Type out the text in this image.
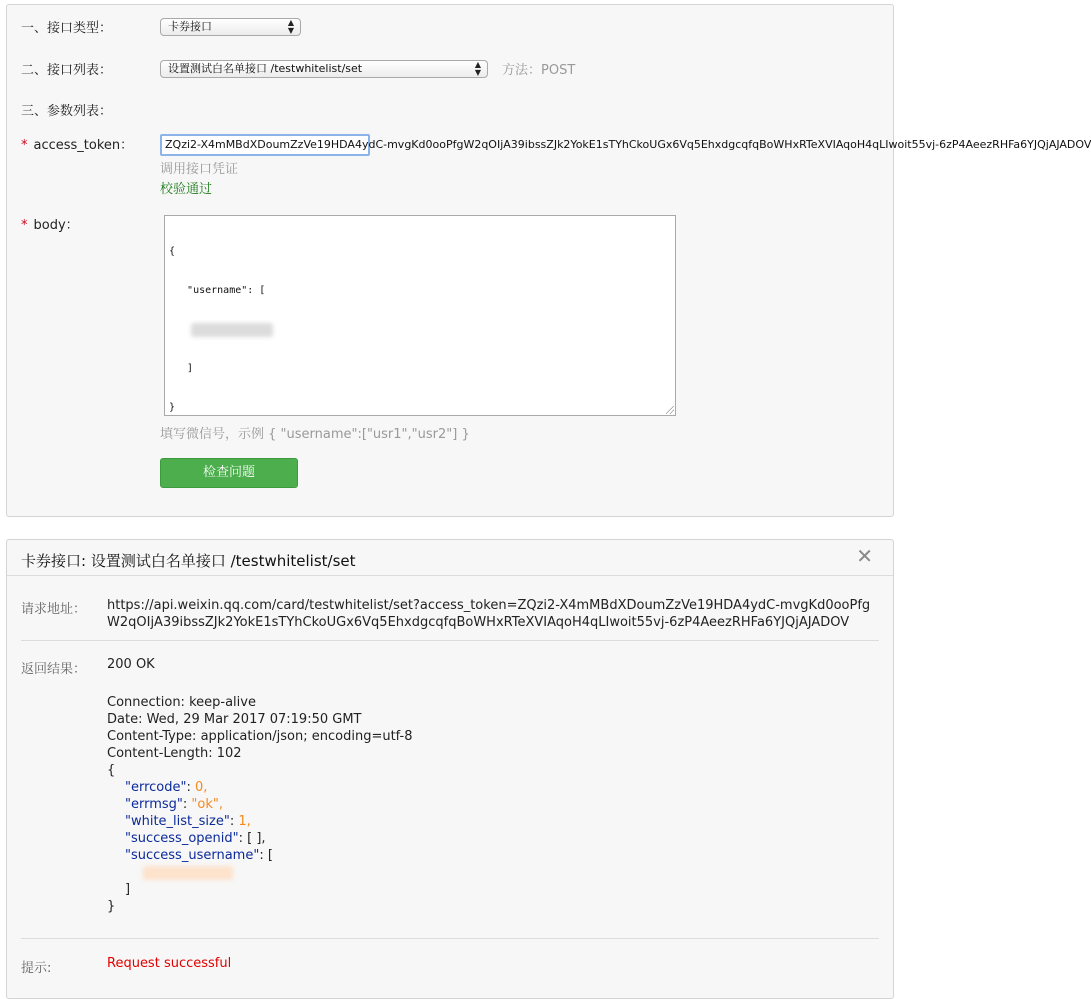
一、接口类型：	卡券接口	▲
▼
二、接口列表：	设置测试白名单接口 /testwhitelist/set	▲
▼ 方法：POST
三、参数列表：
* access_token：	ZQzi2-X4mMBdXDoumZzVe19HDA4ydC-mvgKd0ooPfgW2qOIjA39ibssZJk2YokE1sTYhCkoUGx6Vq5EhxdgcqfqBoWHxRTeXVIAqoH4qLIwoit55vj-6zP4AeezRHFa6YJQjAJADOV
调用接口凭证
校验通过
* body：

{

"username": [

]

}

填写微信号，示例 { "username":["usr1","usr2"] }
检查问题
卡券接口: 设置测试白名单接口 /testwhitelist/set	✕
请求地址： https://api.weixin.qq.com/card/testwhitelist/set?access_token=ZQzi2-X4mMBdXDoumZzVe19HDA4ydC-mvgKd0ooPfgW2qOIjA39ibssZJk2YokE1sTYhCkoUGx6Vq5EhxdgcqfqBoWHxRTeXVIAqoH4qLIwoit55vj-6zP4AeezRHFa6YJQjAJADOV
返回结果： 200 OK
Connection: keep-alive
Date: Wed, 29 Mar 2017 07:19:50 GMT
Content-Type: application/json; encoding=utf-8
Content-Length: 102
{
"errcode": 0,
"errmsg": "ok",
"white_list_size": 1,
"success_openid": [ ],
"success_username": [
]
}
提示:	Request successful
